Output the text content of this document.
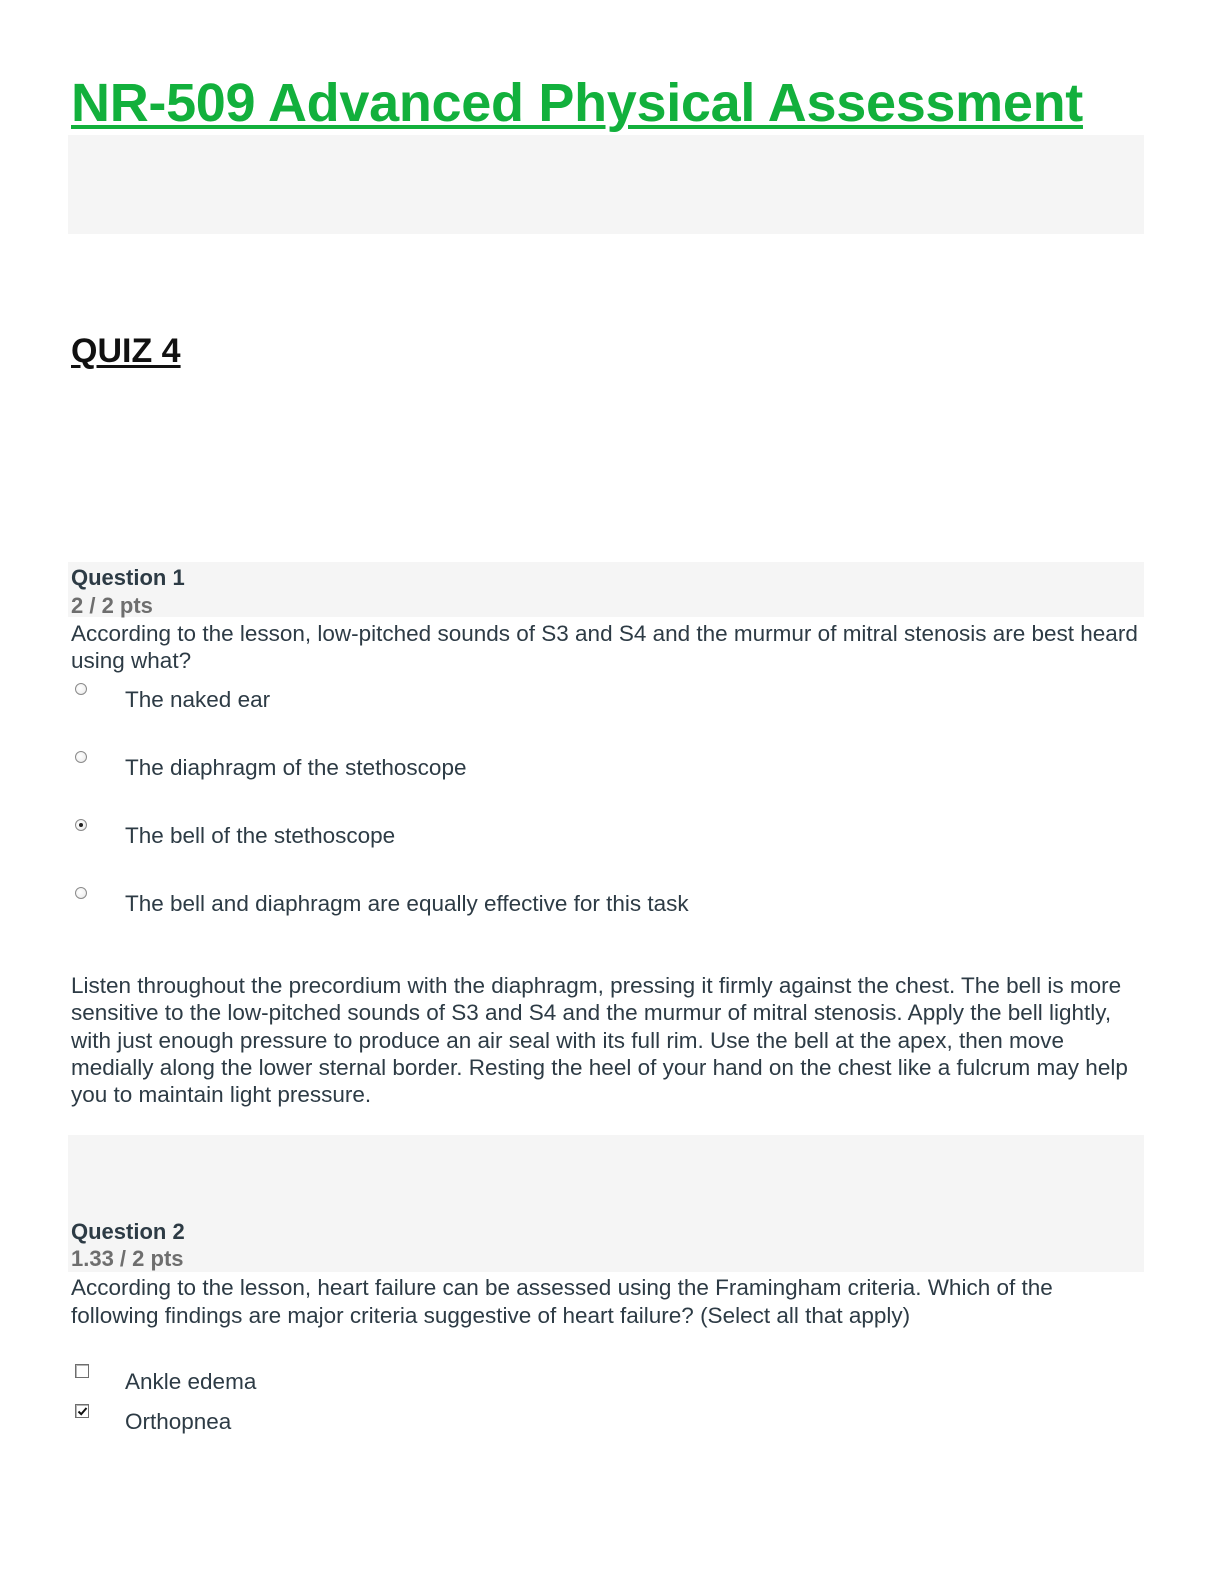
NR-509 Advanced Physical Assessment
QUIZ 4
Question 1
2 / 2 pts
According to the lesson, low-pitched sounds of S3 and S4 and the murmur of mitral stenosis are best heard using what?
The naked ear
The diaphragm of the stethoscope
The bell of the stethoscope
The bell and diaphragm are equally effective for this task
Listen throughout the precordium with the diaphragm, pressing it firmly against the chest. The bell is more sensitive to the low-pitched sounds of S3 and S4 and the murmur of mitral stenosis. Apply the bell lightly, with just enough pressure to produce an air seal with its full rim. Use the bell at the apex, then move medially along the lower sternal border. Resting the heel of your hand on the chest like a fulcrum may help you to maintain light pressure.
Question 2
1.33 / 2 pts
According to the lesson, heart failure can be assessed using the Framingham criteria. Which of the following findings are major criteria suggestive of heart failure? (Select all that apply)
Ankle edema
Orthopnea
